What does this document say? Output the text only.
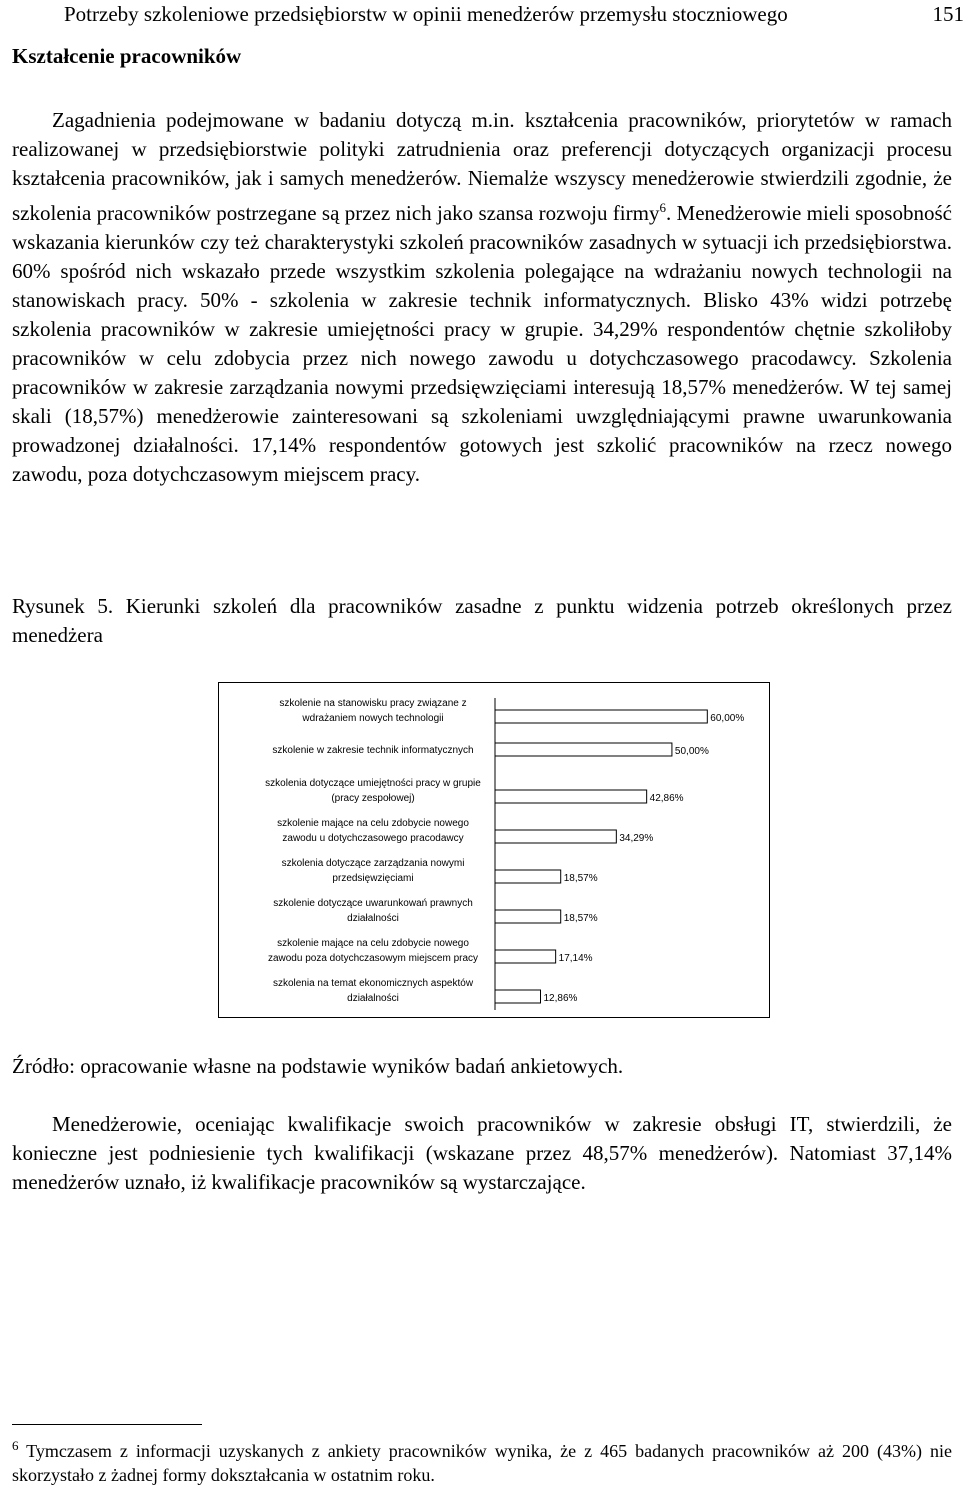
Potrzeby szkoleniowe przedsiębiorstw w opinii menedżerów przemysłu stoczniowego	151
Kształcenie pracowników

Zagadnienia podejmowane w badaniu dotyczą m.in. kształcenia pracowników, priorytetów w ramach realizowanej w przedsiębiorstwie polityki zatrudnienia oraz preferencji dotyczących organizacji procesu kształcenia pracowników, jak i samych menedżerów. Niemalże wszyscy menedżerowie stwierdzili zgodnie, że szkolenia pracowników postrzegane są przez nich jako szansa rozwoju firmy$^6$. Menedżerowie mieli sposobność wskazania kierunków czy też charakterystyki szkoleń pracowników zasadnych w sytuacji ich przedsiębiorstwa. 60% spośród nich wskazało przede wszystkim szkolenia polegające na wdrażaniu nowych technologii na stanowiskach pracy. 50% - szkolenia w zakresie technik informatycznych. Blisko 43% widzi potrzebę szkolenia pracowników w zakresie umiejętności pracy w grupie. 34,29% respondentów chętnie szkoliłoby pracowników w celu zdobycia przez nich nowego zawodu u dotychczasowego pracodawcy. Szkolenia pracowników w zakresie zarządzania nowymi przedsięwzięciami interesują 18,57% menedżerów. W tej samej skali (18,57%) menedżerowie zainteresowani są szkoleniami uwzględniającymi prawne uwarunkowania prowadzonej działalności. 17,14% respondentów gotowych jest szkolić pracowników na rzecz nowego zawodu, poza dotychczasowym miejscem pracy.

Rysunek 5. Kierunki szkoleń dla pracowników zasadne z punktu widzenia potrzeb określonych przez menedżera

szkolenie na stanowisku pracy związane z wdrażaniem nowych technologii	60,00%
szkolenie w zakresie technik informatycznych	50,00%
szkolenia dotyczące umiejętności pracy w grupie (pracy zespołowej)	42,86%
szkolenie mające na celu zdobycie nowego zawodu u dotychczasowego pracodawcy	34,29%
szkolenia dotyczące zarządzania nowymi przedsięwzięciami	18,57%
szkolenie dotyczące uwarunkowań prawnych działalności	18,57%
szkolenie mające na celu zdobycie nowego zawodu poza dotychczasowym miejscem pracy	17,14%
szkolenia na temat ekonomicznych aspektów działalności	12,86%
Źródło: opracowanie własne na podstawie wyników badań ankietowych.

Menedżerowie, oceniając kwalifikacje swoich pracowników w zakresie obsługi IT, stwierdzili, że konieczne jest podniesienie tych kwalifikacji (wskazane przez 48,57% menedżerów). Natomiast 37,14% menedżerów uznało, iż kwalifikacje pracowników są wystarczające.

$^6$ Tymczasem z informacji uzyskanych z ankiety pracowników wynika, że z 465 badanych pracowników aż 200 (43%) nie skorzystało z żadnej formy dokształcania w ostatnim roku.
